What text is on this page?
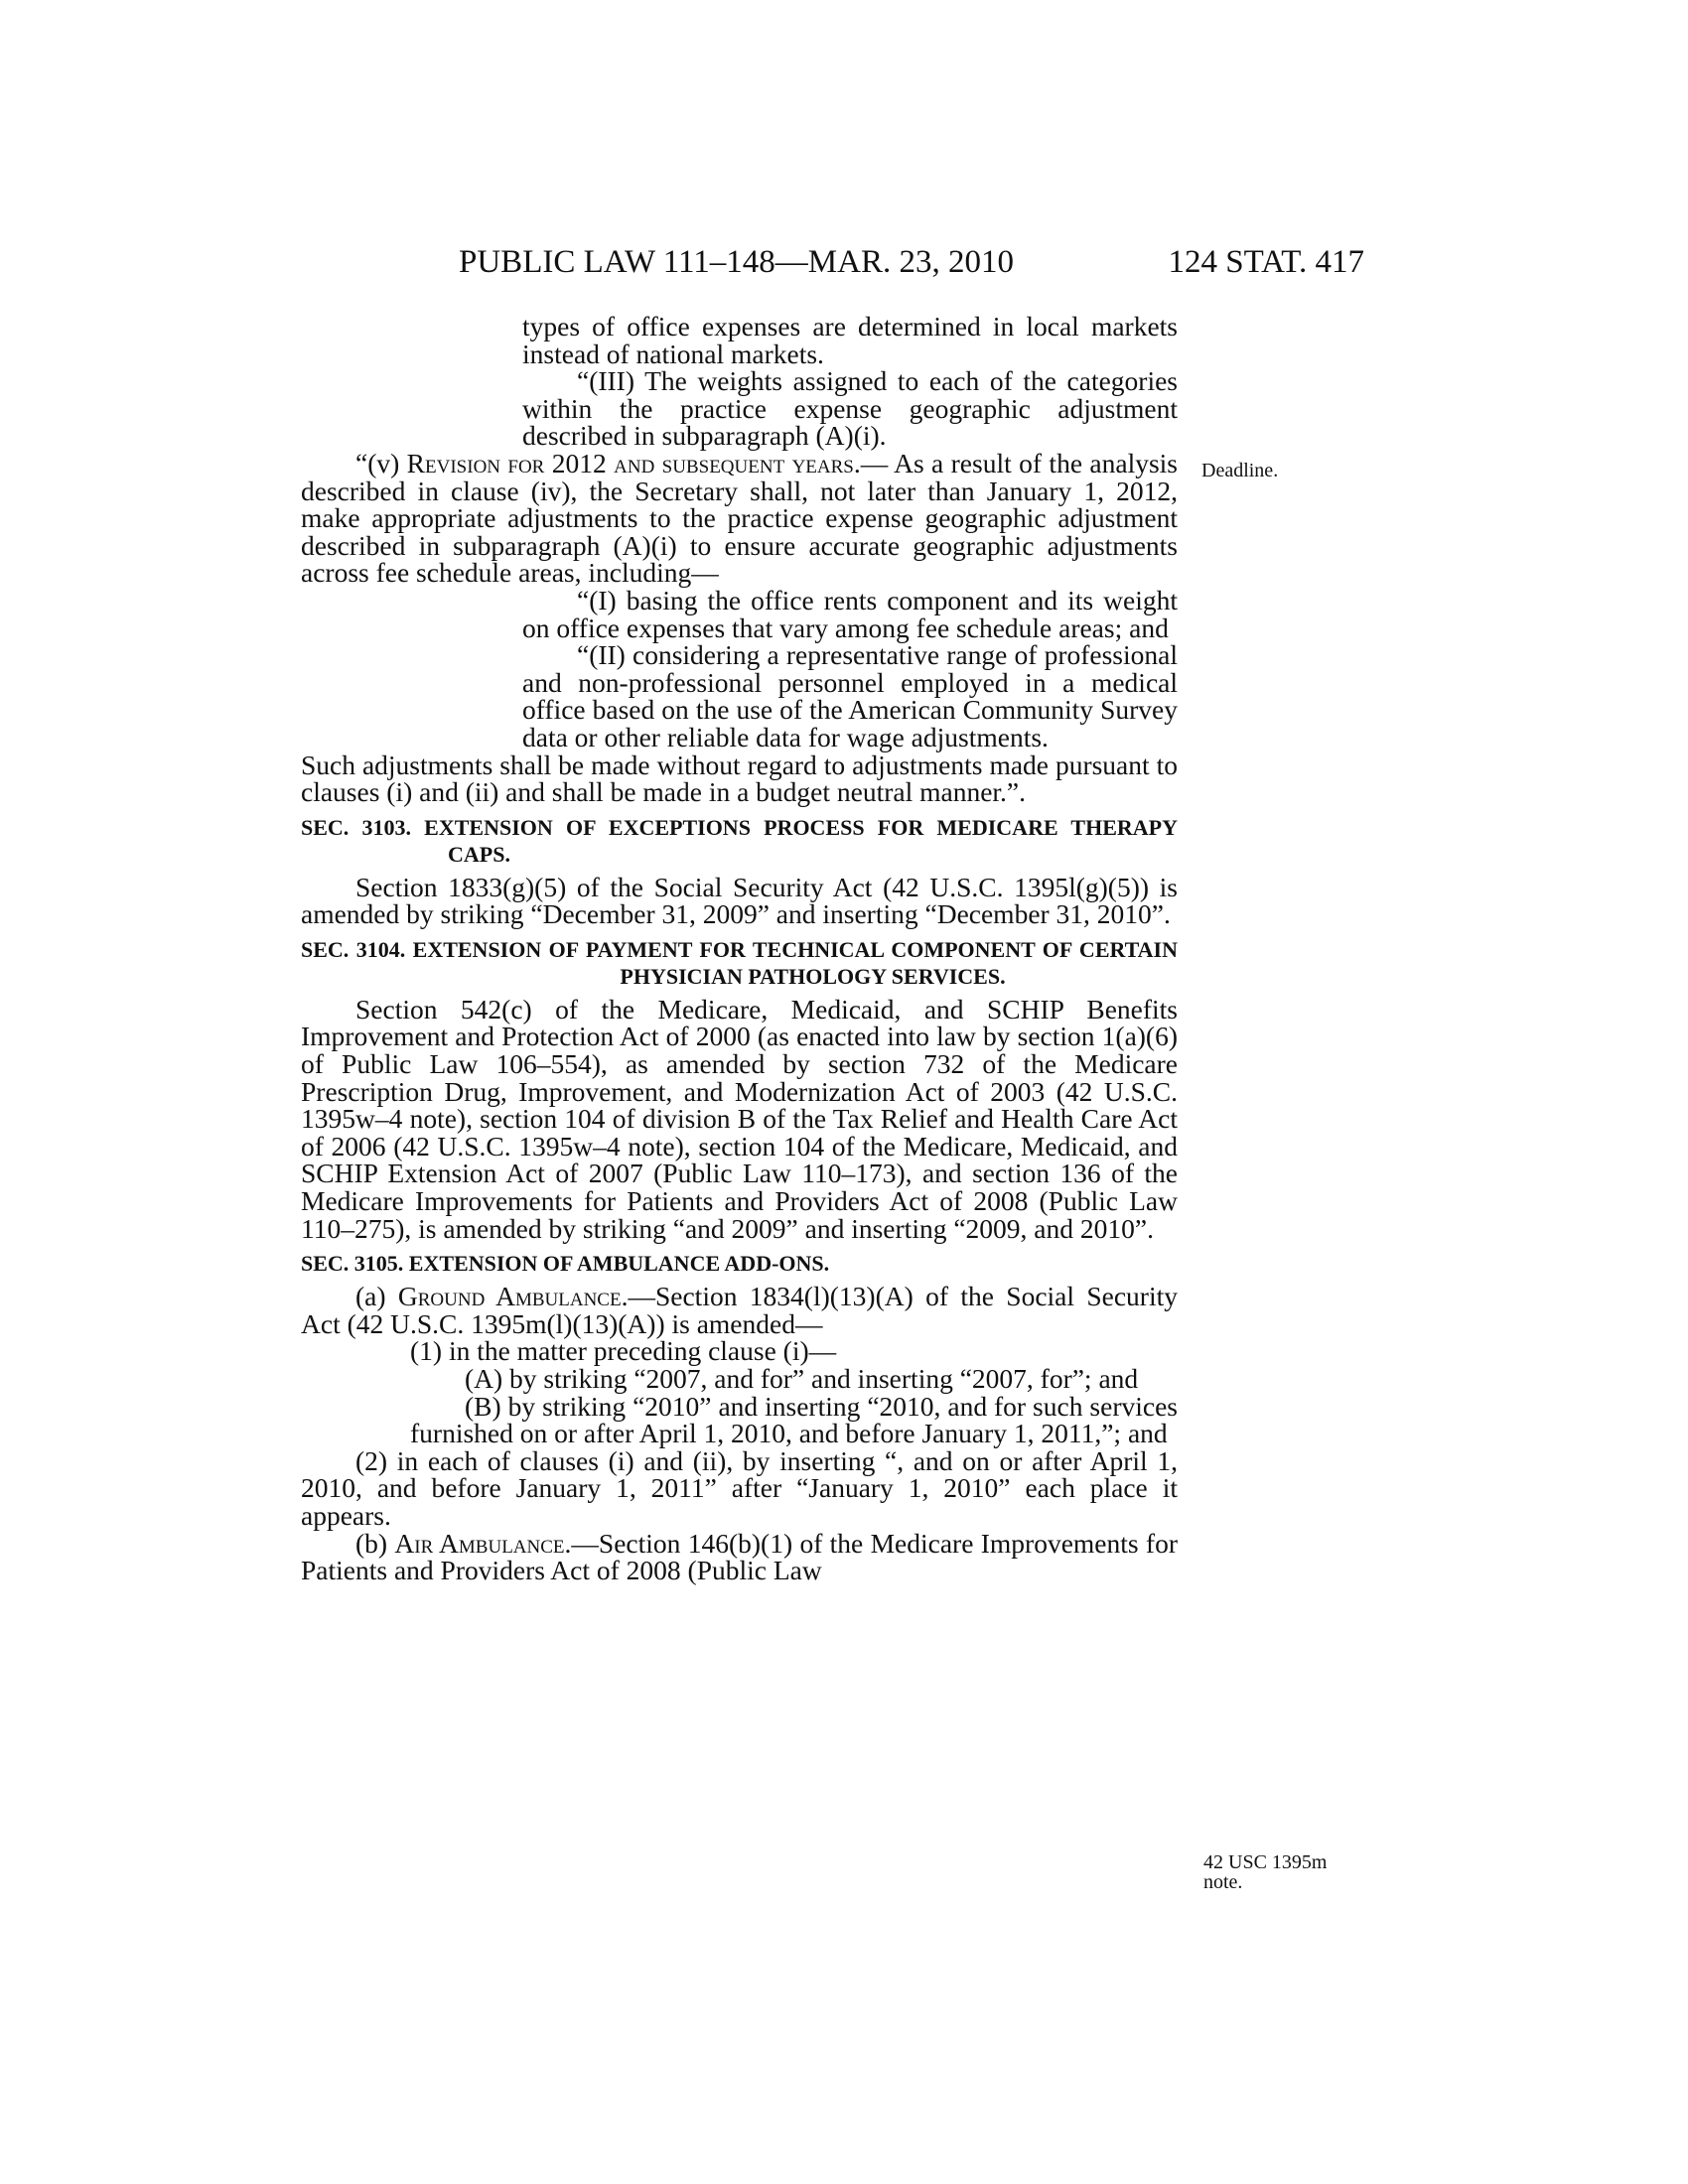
PUBLIC LAW 111–148—MAR. 23, 2010	124 STAT. 417
Deadline.
42 USC 1395m
note.

types of office expenses are determined in local markets instead of national markets.

“(III) The weights assigned to each of the categories within the practice expense geographic adjustment described in subparagraph (A)(i).

“(v) Revision for 2012 and subsequent years.— As a result of the analysis described in clause (iv), the Secretary shall, not later than January 1, 2012, make appropriate adjustments to the practice expense geographic adjustment described in subparagraph (A)(i) to ensure accurate geographic adjustments across fee schedule areas, including—

“(I) basing the office rents component and its weight on office expenses that vary among fee schedule areas; and

“(II) considering a representative range of professional and non-professional personnel employed in a medical office based on the use of the American Community Survey data or other reliable data for wage adjustments.

Such adjustments shall be made without regard to adjustments made pursuant to clauses (i) and (ii) and shall be made in a budget neutral manner.”.

SEC. 3103. EXTENSION OF EXCEPTIONS PROCESS FOR MEDICARE THERAPY CAPS.

Section 1833(g)(5) of the Social Security Act (42 U.S.C. 1395l(g)(5)) is amended by striking “December 31, 2009” and inserting “December 31, 2010”.

SEC. 3104. EXTENSION OF PAYMENT FOR TECHNICAL COMPONENT OF CERTAIN PHYSICIAN PATHOLOGY SERVICES.

Section 542(c) of the Medicare, Medicaid, and SCHIP Benefits Improvement and Protection Act of 2000 (as enacted into law by section 1(a)(6) of Public Law 106–554), as amended by section 732 of the Medicare Prescription Drug, Improvement, and Modernization Act of 2003 (42 U.S.C. 1395w–4 note), section 104 of division B of the Tax Relief and Health Care Act of 2006 (42 U.S.C. 1395w–4 note), section 104 of the Medicare, Medicaid, and SCHIP Extension Act of 2007 (Public Law 110–173), and section 136 of the Medicare Improvements for Patients and Providers Act of 2008 (Public Law 110–275), is amended by striking “and 2009” and inserting “2009, and 2010”.

SEC. 3105. EXTENSION OF AMBULANCE ADD-ONS.

(a) Ground Ambulance.—Section 1834(l)(13)(A) of the Social Security Act (42 U.S.C. 1395m(l)(13)(A)) is amended—

(1) in the matter preceding clause (i)—

(A) by striking “2007, and for” and inserting “2007, for”; and

(B) by striking “2010” and inserting “2010, and for such services furnished on or after April 1, 2010, and before January 1, 2011,”; and

(2) in each of clauses (i) and (ii), by inserting “, and on or after April 1, 2010, and before January 1, 2011” after “January 1, 2010” each place it appears.

(b) Air Ambulance.—Section 146(b)(1) of the Medicare Improvements for Patients and Providers Act of 2008 (Public Law
